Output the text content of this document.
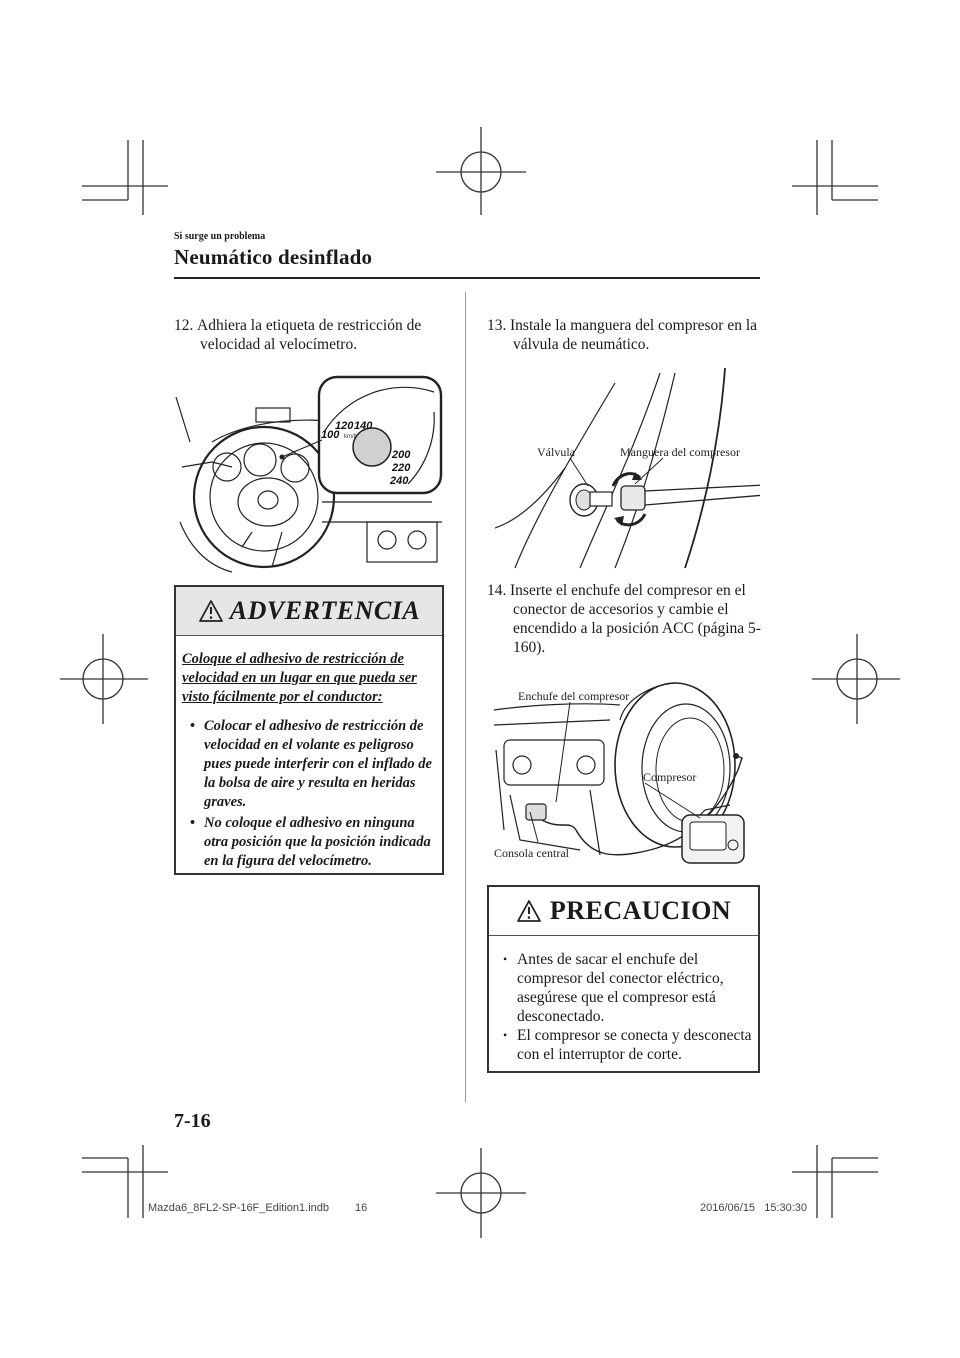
Si surge un problema
Neumático desinflado
12. Adhiera la etiqueta de restricción de velocidad al velocímetro.
100
120 140
200
220
240
km/h
ADVERTENCIA
Coloque el adhesivo de restricción de velocidad en un lugar en que pueda ser visto fácilmente por el conductor:
• Colocar el adhesivo de restricción de velocidad en el volante es peligroso pues puede interferir con el inflado de la bolsa de aire y resulta en heridas graves.
• No coloque el adhesivo en ninguna otra posición que la posición indicada en la figura del velocímetro.
13. Instale la manguera del compresor en la válvula de neumático.
Válvula	Manguera del compresor
14. Inserte el enchufe del compresor en el conector de accesorios y cambie el encendido a la posición ACC (página 5-160).
Enchufe del compresor
Compresor
Consola central
PRECAUCION
• Antes de sacar el enchufe del compresor del conector eléctrico, asegúrese que el compresor está desconectado.
• El compresor se conecta y desconecta con el interruptor de corte.
7-16
Mazda6_8FL2-SP-16F_Edition1.indb 16	2016/06/15   15:30:30
